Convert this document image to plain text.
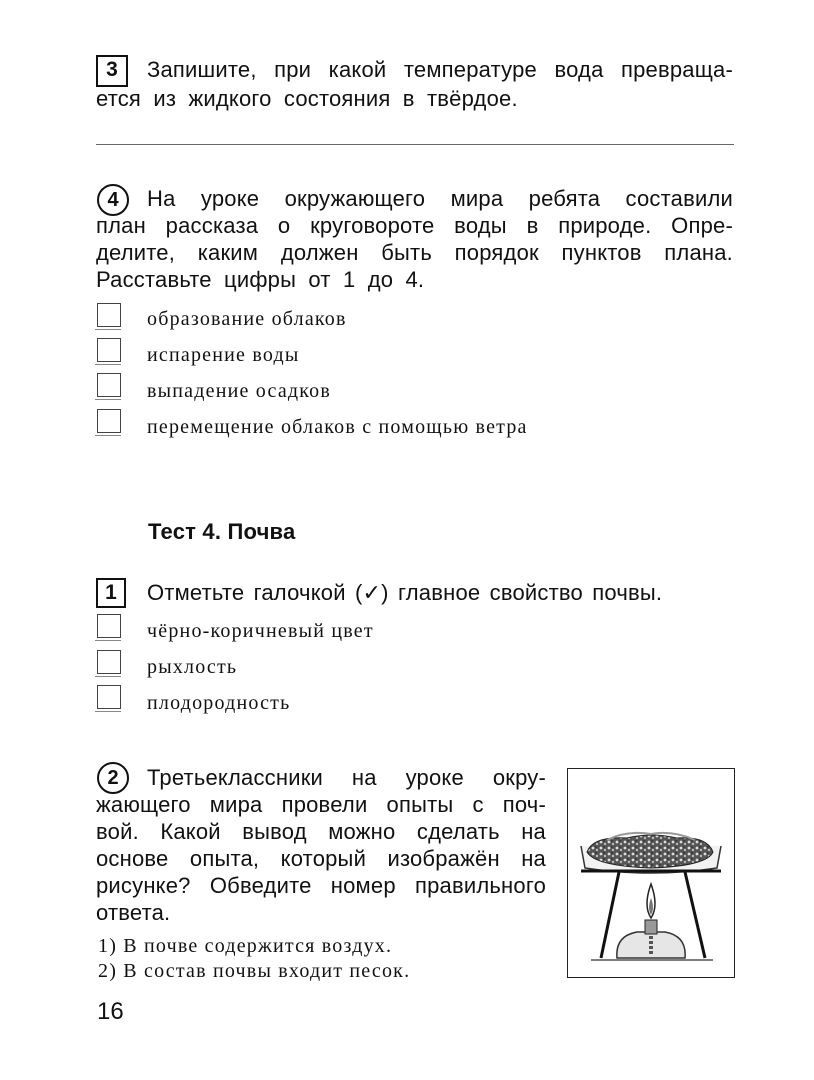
3	Запишите, при какой температуре вода превраща-
ется из жидкого состояния в твёрдое.
4	На уроке окружающего мира ребята составили
план рассказа о круговороте воды в природе. Опре-
делите, каким должен быть порядок пунктов плана.
Расставьте цифры от 1 до 4.
образование облаков
испарение воды
выпадение осадков
перемещение облаков с помощью ветра
Тест 4. Почва
1	Отметьте галочкой (✓) главное свойство почвы.
чёрно-коричневый цвет
рыхлость
плодородность
2	Третьеклассники на уроке окру-
жающего мира провели опыты с поч-
вой. Какой вывод можно сделать на
основе опыта, который изображён на
рисунке? Обведите номер правильного
ответа.
1) В почве содержится воздух.
2) В состав почвы входит песок.
16
